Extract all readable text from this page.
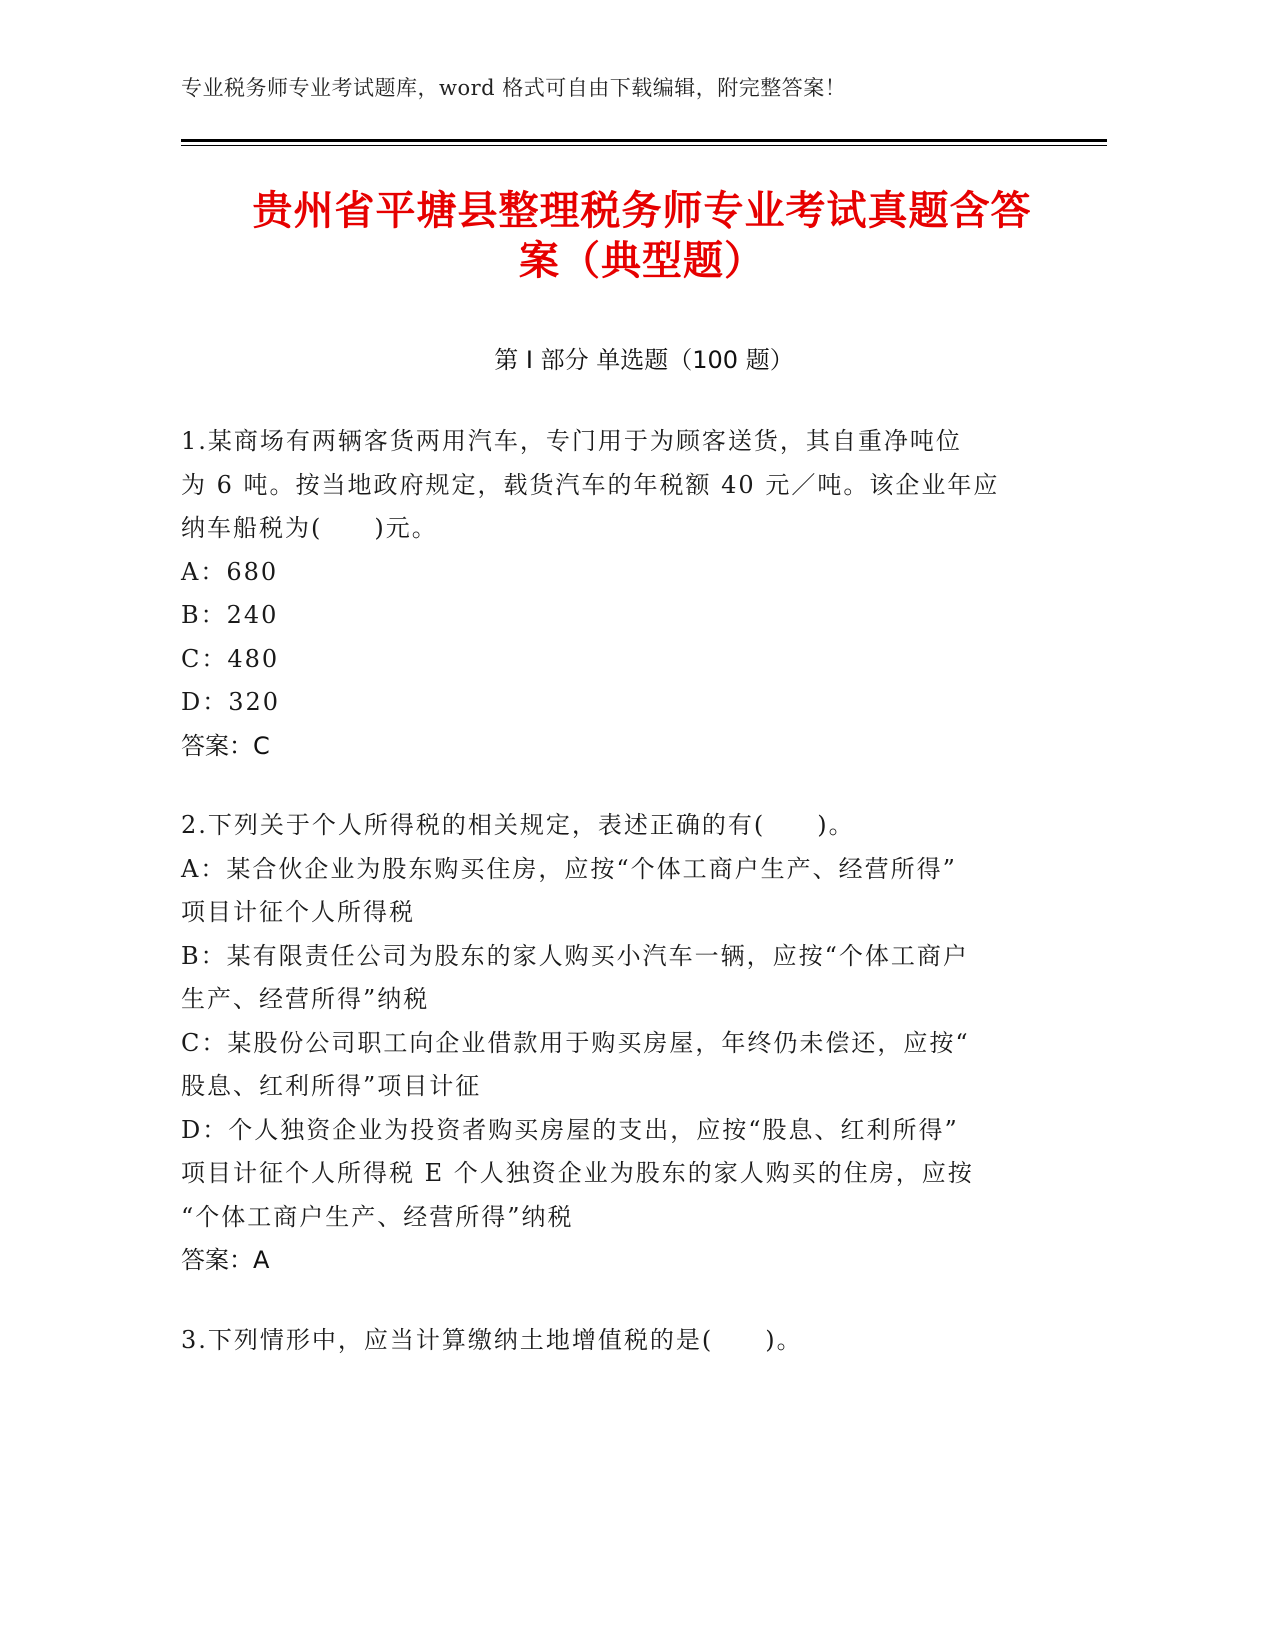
专业税务师专业考试题库，word 格式可自由下载编辑，附完整答案！
贵州省平塘县整理税务师专业考试真题含答
案（典型题）
第 I 部分 单选题（100 题）
1.某商场有两辆客货两用汽车，专门用于为顾客送货，其自重净吨位
为 6 吨。按当地政府规定，载货汽车的年税额 40 元／吨。该企业年应
纳车船税为(　　)元。
A：680
B：240
C：480
D：320
答案：C
2.下列关于个人所得税的相关规定，表述正确的有(　　)。
A：某合伙企业为股东购买住房，应按“个体工商户生产、经营所得”
项目计征个人所得税
B：某有限责任公司为股东的家人购买小汽车一辆，应按“个体工商户
生产、经营所得”纳税
C：某股份公司职工向企业借款用于购买房屋，年终仍未偿还，应按“
股息、红利所得”项目计征
D：个人独资企业为投资者购买房屋的支出，应按“股息、红利所得”
项目计征个人所得税 E 个人独资企业为股东的家人购买的住房，应按
“个体工商户生产、经营所得”纳税
答案：A
3.下列情形中，应当计算缴纳土地增值税的是(　　)。
